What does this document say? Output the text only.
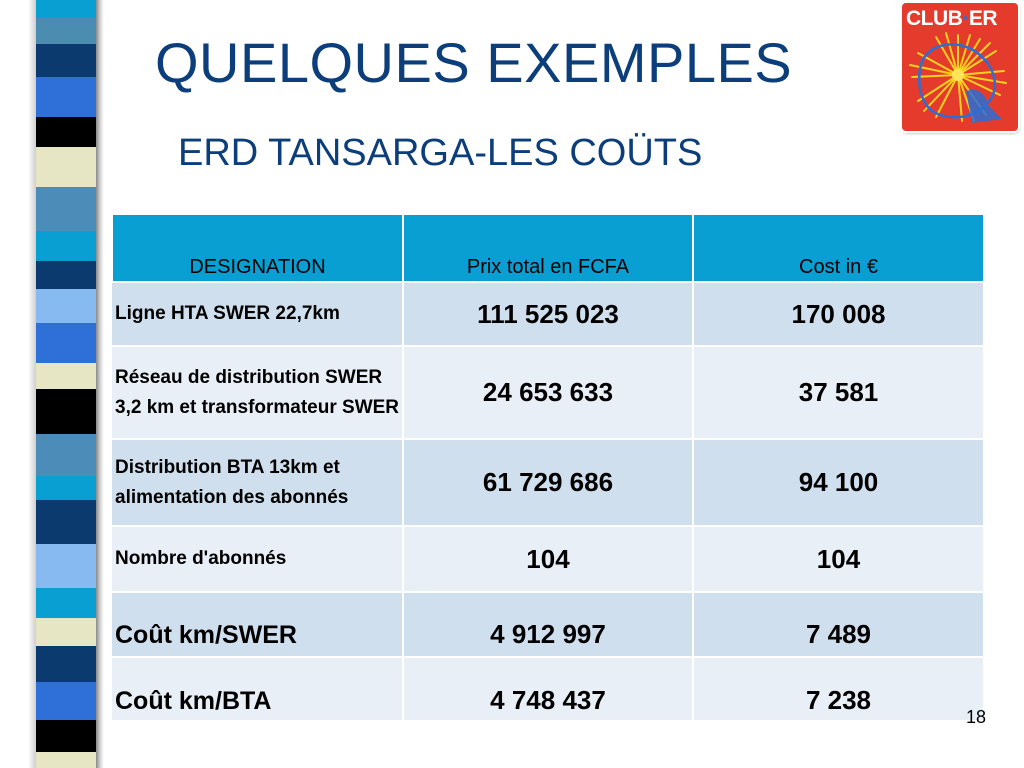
QUELQUES EXEMPLES
ERD TANSARGA-LES COÜTS
CLUB·ER
DESIGNATION	Prix total en FCFA	Cost in €
Ligne HTA SWER 22,7km	111 525 023	170 008
Réseau de distribution SWER 3,2 km et transformateur SWER	24 653 633	37 581
Distribution BTA 13km et alimentation des abonnés	61 729 686	94 100
Nombre d'abonnés	104	104
Coût km/SWER	4 912 997	7 489
Coût km/BTA	4 748 437	7 238
18
